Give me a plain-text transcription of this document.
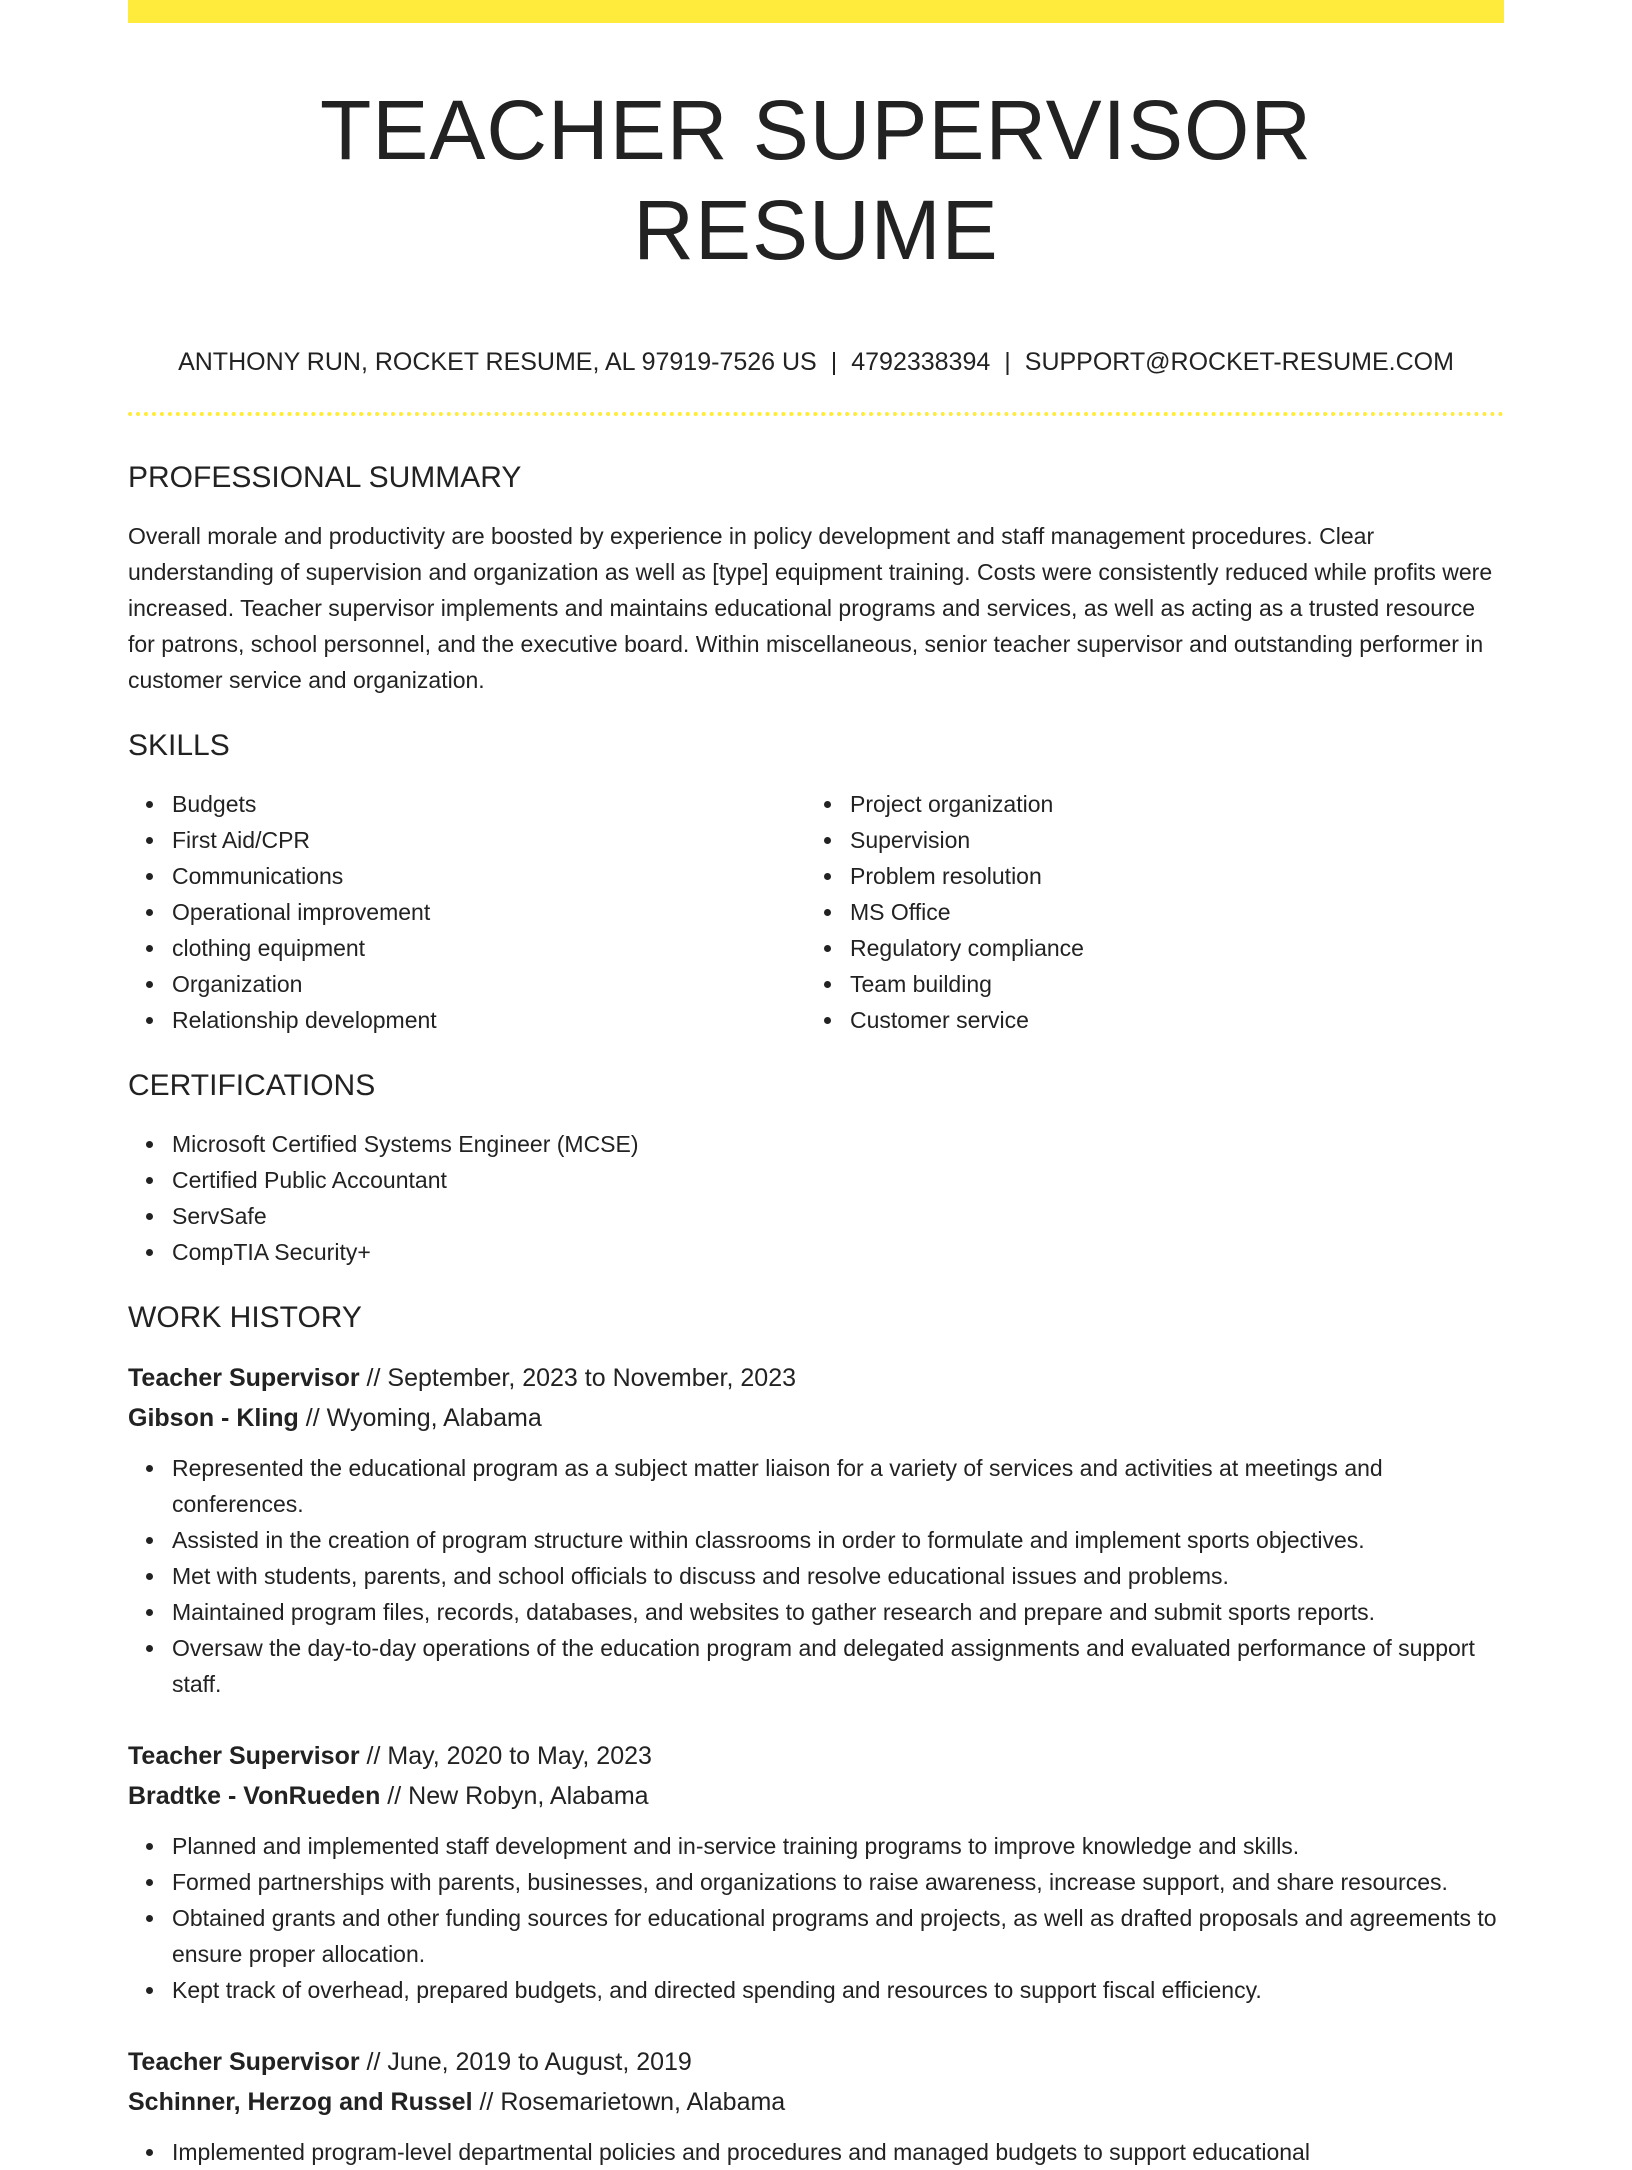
TEACHER SUPERVISOR RESUME
ANTHONY RUN, ROCKET RESUME, AL 97919-7526 US | 4792338394 | SUPPORT@ROCKET-RESUME.COM
PROFESSIONAL SUMMARY
Overall morale and productivity are boosted by experience in policy development and staff management procedures. Clear understanding of supervision and organization as well as [type] equipment training. Costs were consistently reduced while profits were increased. Teacher supervisor implements and maintains educational programs and services, as well as acting as a trusted resource for patrons, school personnel, and the executive board. Within miscellaneous, senior teacher supervisor and outstanding performer in customer service and organization.
SKILLS
Budgets
First Aid/CPR
Communications
Operational improvement
clothing equipment
Organization
Relationship development
Project organization
Supervision
Problem resolution
MS Office
Regulatory compliance
Team building
Customer service
CERTIFICATIONS
Microsoft Certified Systems Engineer (MCSE)
Certified Public Accountant
ServSafe
CompTIA Security+
WORK HISTORY
Teacher Supervisor // September, 2023 to November, 2023
Gibson - Kling // Wyoming, Alabama
Represented the educational program as a subject matter liaison for a variety of services and activities at meetings and conferences.
Assisted in the creation of program structure within classrooms in order to formulate and implement sports objectives.
Met with students, parents, and school officials to discuss and resolve educational issues and problems.
Maintained program files, records, databases, and websites to gather research and prepare and submit sports reports.
Oversaw the day-to-day operations of the education program and delegated assignments and evaluated performance of support staff.
Teacher Supervisor // May, 2020 to May, 2023
Bradtke - VonRueden // New Robyn, Alabama
Planned and implemented staff development and in-service training programs to improve knowledge and skills.
Formed partnerships with parents, businesses, and organizations to raise awareness, increase support, and share resources.
Obtained grants and other funding sources for educational programs and projects, as well as drafted proposals and agreements to ensure proper allocation.
Kept track of overhead, prepared budgets, and directed spending and resources to support fiscal efficiency.
Teacher Supervisor // June, 2019 to August, 2019
Schinner, Herzog and Russel // Rosemarietown, Alabama
Implemented program-level departmental policies and procedures and managed budgets to support educational
